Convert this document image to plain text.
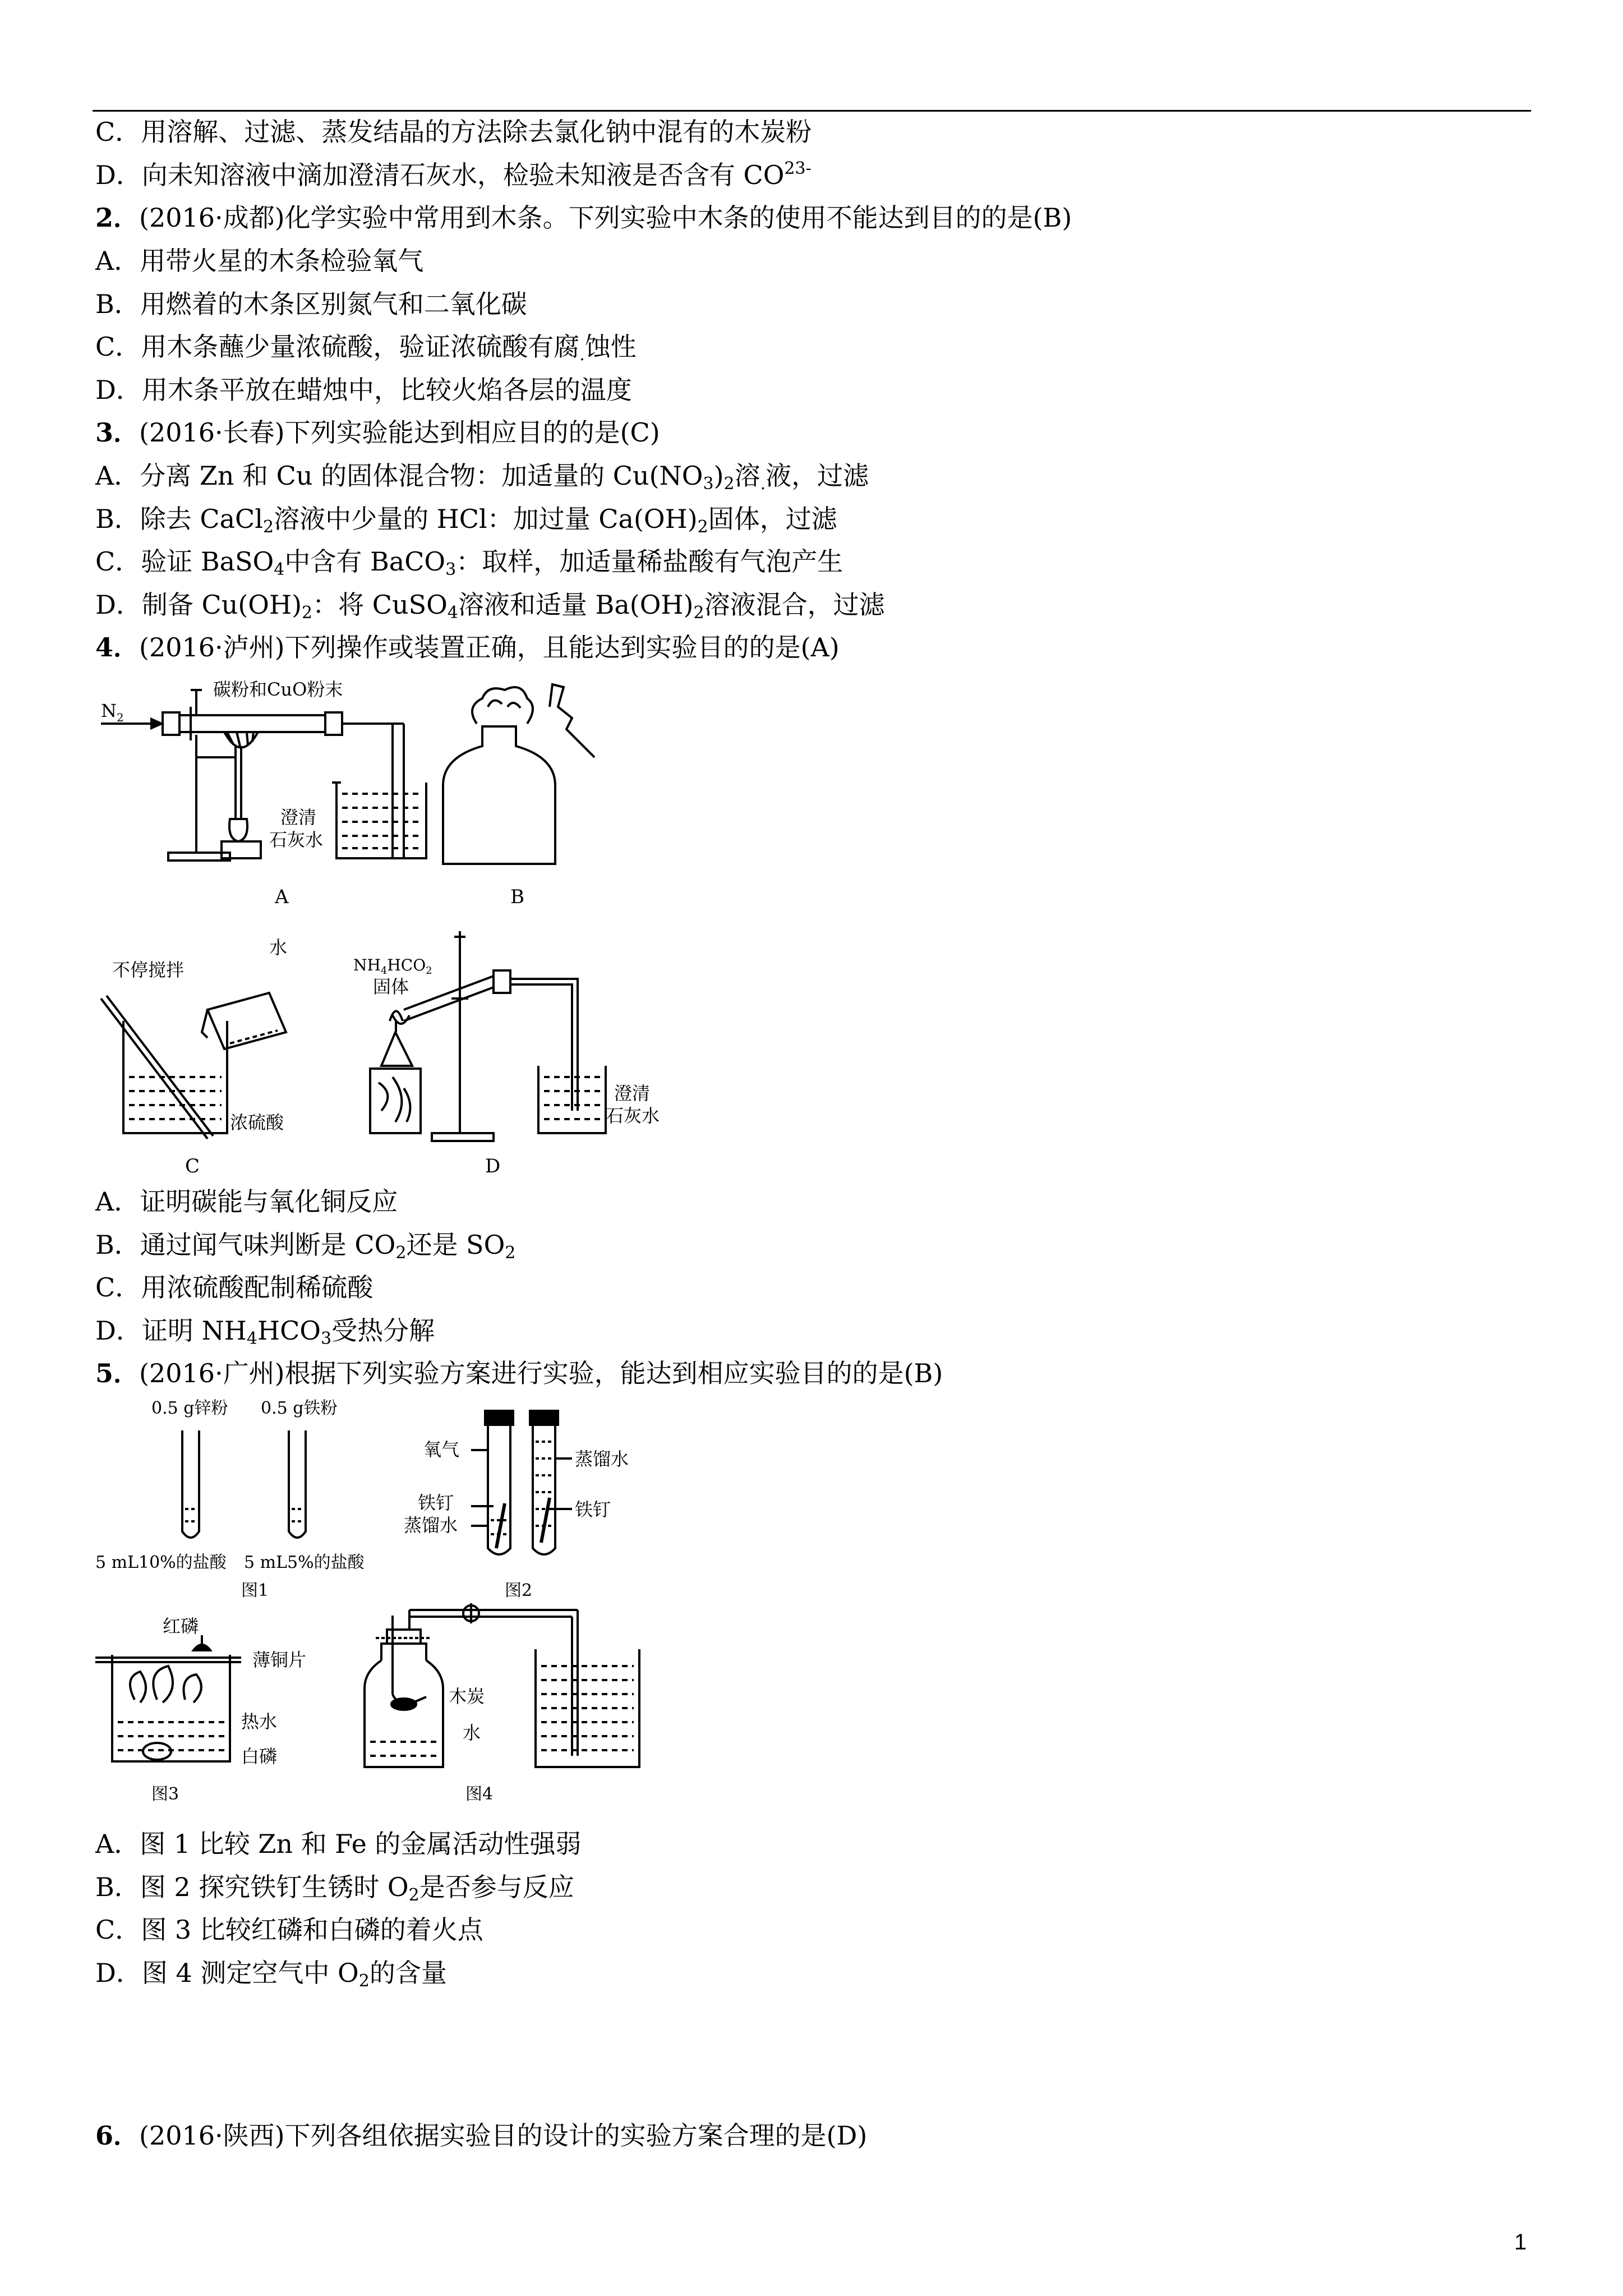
C．用溶解、过滤、蒸发结晶的方法除去氯化钠中混有的木炭粉
D．向未知溶液中滴加澄清石灰水，检验未知液是否含有 $CO^{23-}$
2．(2016·成都)化学实验中常用到木条。下列实验中木条的使用不能达到目的的是(B)
A．用带火星的木条检验氧气
B．用燃着的木条区别氮气和二氧化碳
C．用木条蘸少量浓硫酸，验证浓硫酸有腐$_.$蚀性
D．用木条平放在蜡烛中，比较火焰各层的温度
3．(2016·长春)下列实验能达到相应目的的是(C)
A．分离 Zn 和 Cu 的固体混合物：加适量的 $Cu(NO_3)_2$溶$_.$液，过滤
B．除去 CaCl$_2$溶液中少量的 HCl：加过量 $Ca(OH)_2$固体，过滤
C．验证 BaSO$_4$中含有 BaCO$_3$：取样，加适量稀盐酸有气泡产生
D．制备 $Cu(OH)_2$：将 CuSO$_4$溶液和适量 $Ba(OH)_2$溶液混合，过滤
4．(2016·泸州)下列操作或装置正确，且能达到实验目的的是(A)
$N_2$
碳粉和CuO粉末
澄清
石灰水
A	B
不停搅拌
水
浓硫酸
C
$NH_4HCO_2$
固体
澄清
石灰水
D
A．证明碳能与氧化铜反应
B．通过闻气味判断是 $CO_2$还是 $SO_2$
C．用浓硫酸配制稀硫酸
D．证明 $NH_4HCO_3$受热分解
5．(2016·广州)根据下列实验方案进行实验，能达到相应实验目的的是(B)
0.5 g锌粉 0.5 g铁粉
5 mL10%的盐酸 5 mL5%的盐酸
图1
氧气
铁钉
蒸馏水
蒸馏水
铁钉
图2
红磷
薄铜片
热水
白磷
图3
木炭
水
图4
A．图 1 比较 Zn 和 Fe 的金属活动性强弱
B．图 2 探究铁钉生锈时 $O_2$是否参与反应
C．图 3 比较红磷和白磷的着火点
D．图 4 测定空气中 $O_2$的含量
6．(2016·陕西)下列各组依据实验目的设计的实验方案合理的是(D)
1
